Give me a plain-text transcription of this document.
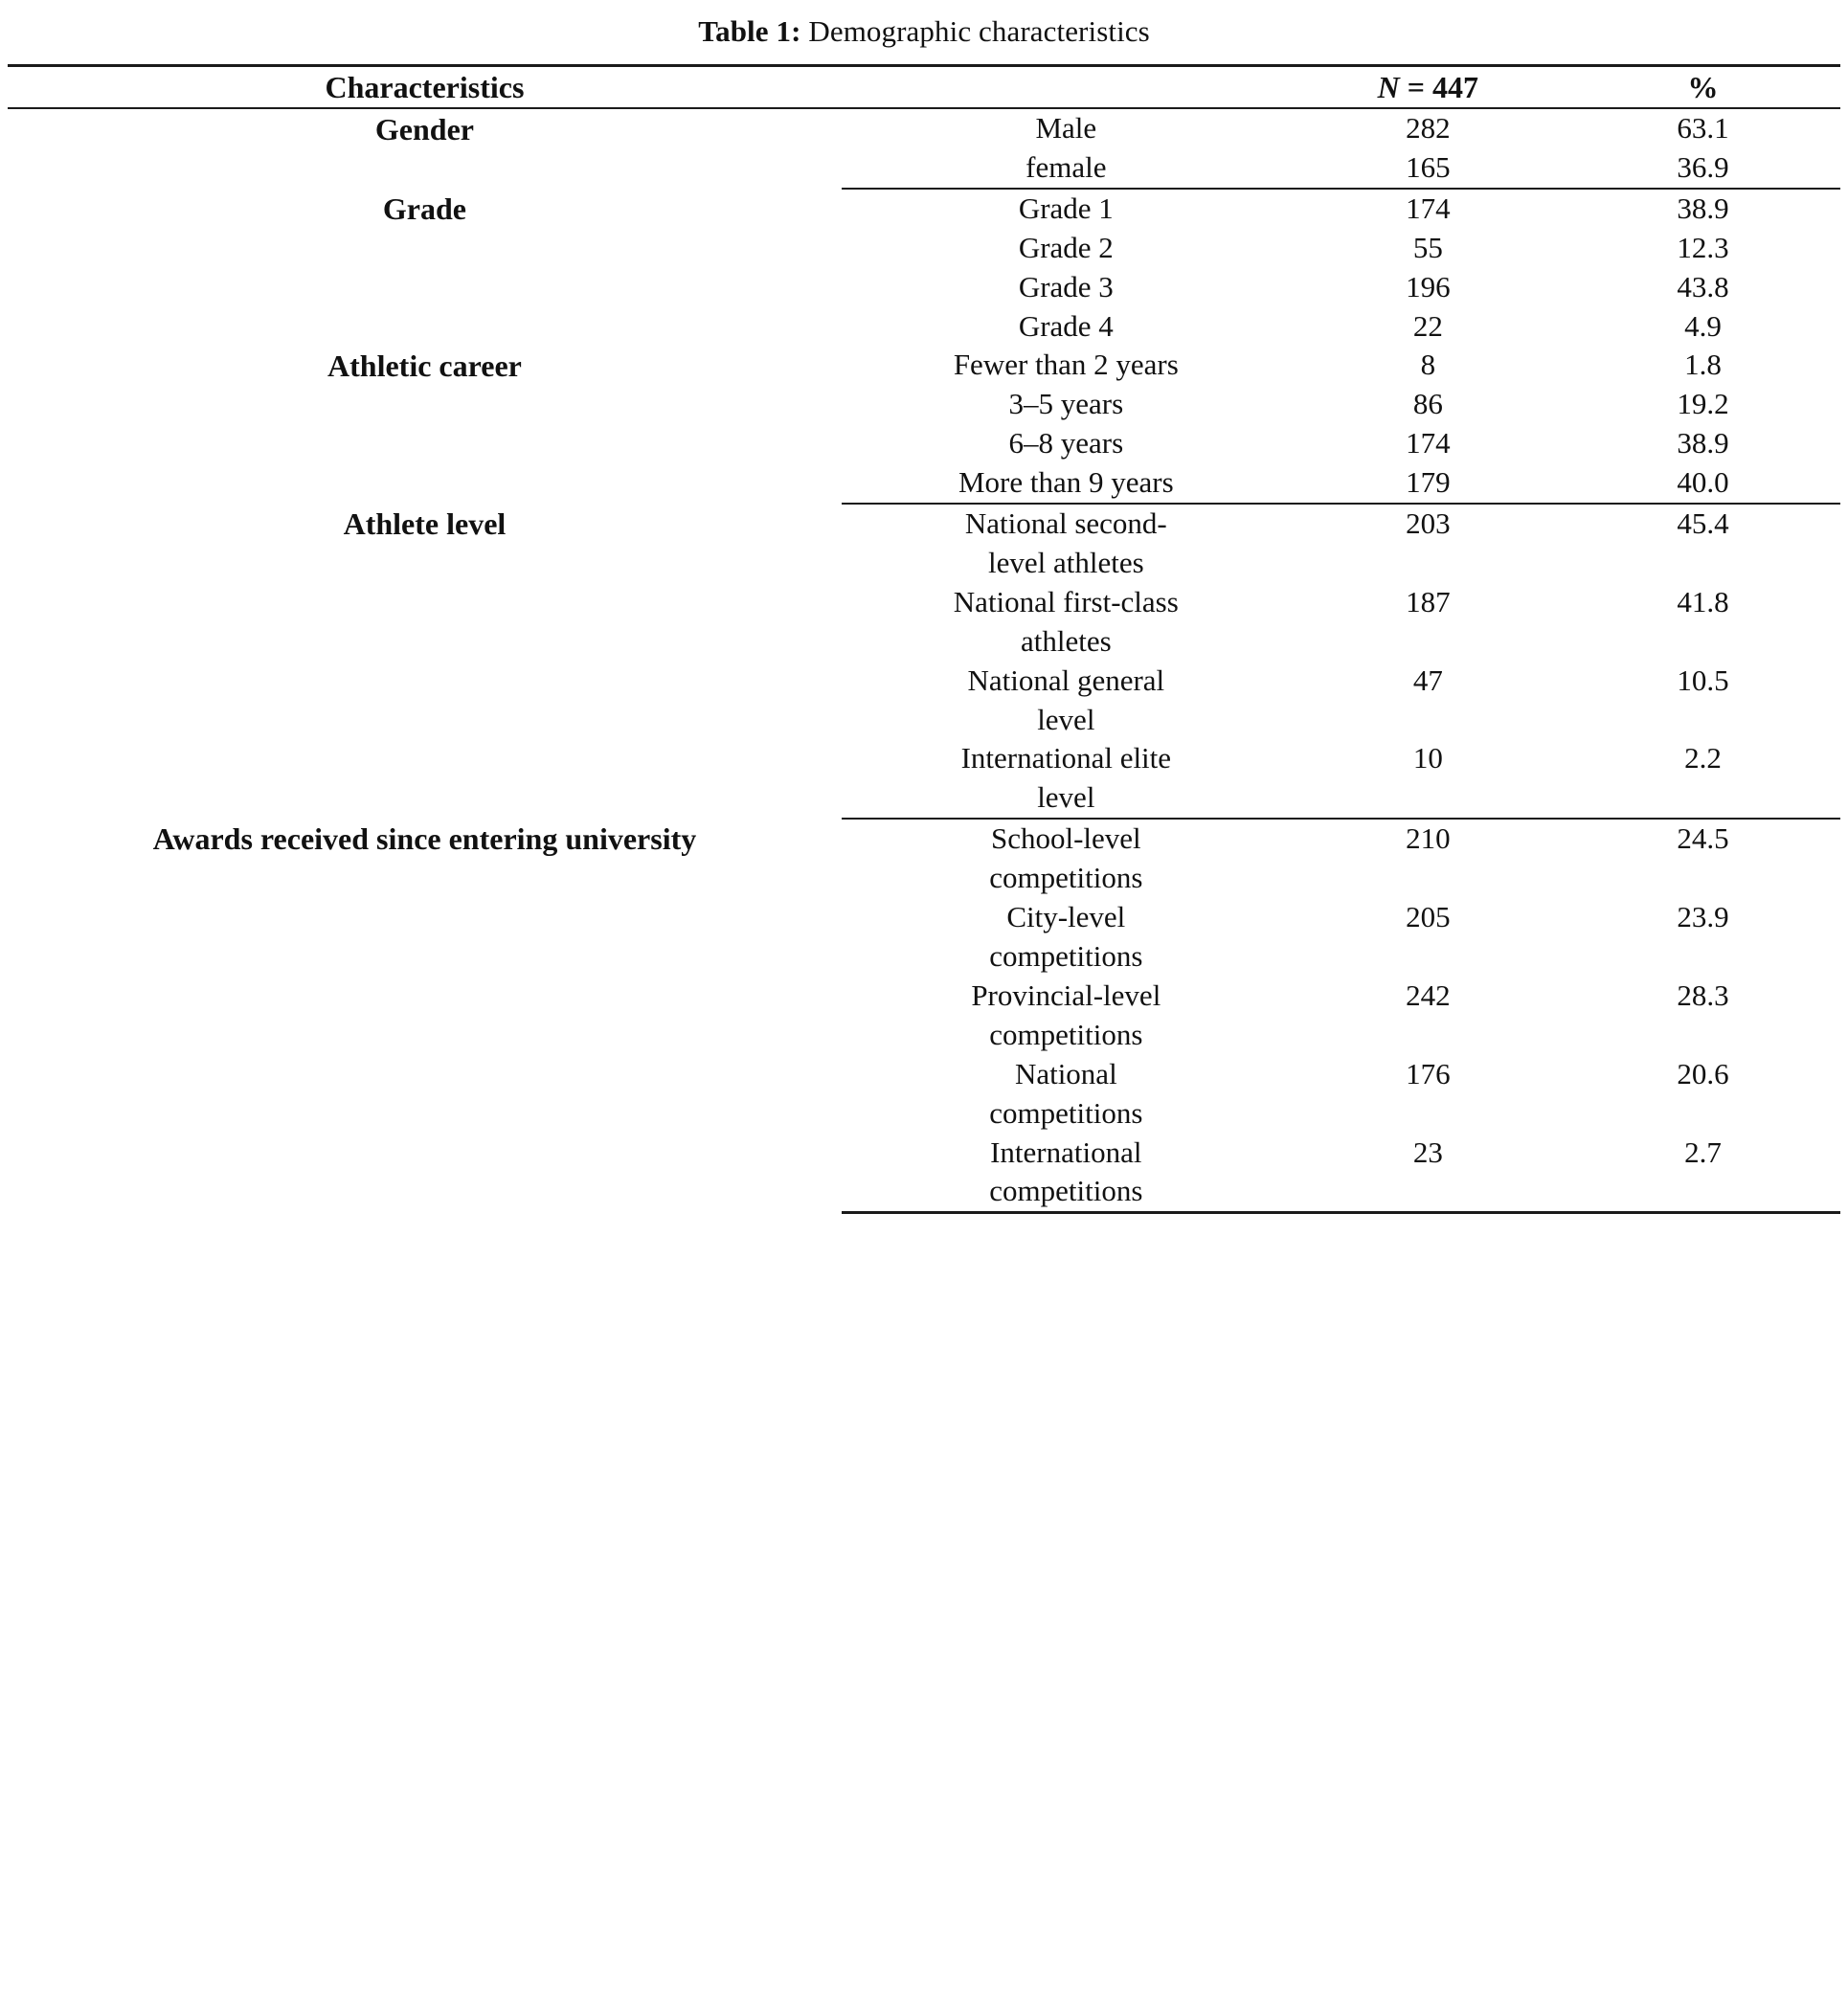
Table 1: Demographic characteristics
Characteristics		N = 447	%
Gender	Male	282	63.1

	female	165	36.9
Grade	Grade 1	174	38.9

	Grade 2	55	12.3

	Grade 3	196	43.8

	Grade 4	22	4.9
Athletic career	Fewer than 2 years	8	1.8

	3–5 years	86	19.2

	6–8 years	174	38.9

	More than 9 years	179	40.0
Athlete level	National second-level athletes	203	45.4

	National first-class athletes	187	41.8

	National general level	47	10.5

	International elite level	10	2.2
Awards received since entering university	School-level competitions	210	24.5

	City-level competitions	205	23.9

	Provincial-level competitions	242	28.3

	National competitions	176	20.6

	International competitions	23	2.7
